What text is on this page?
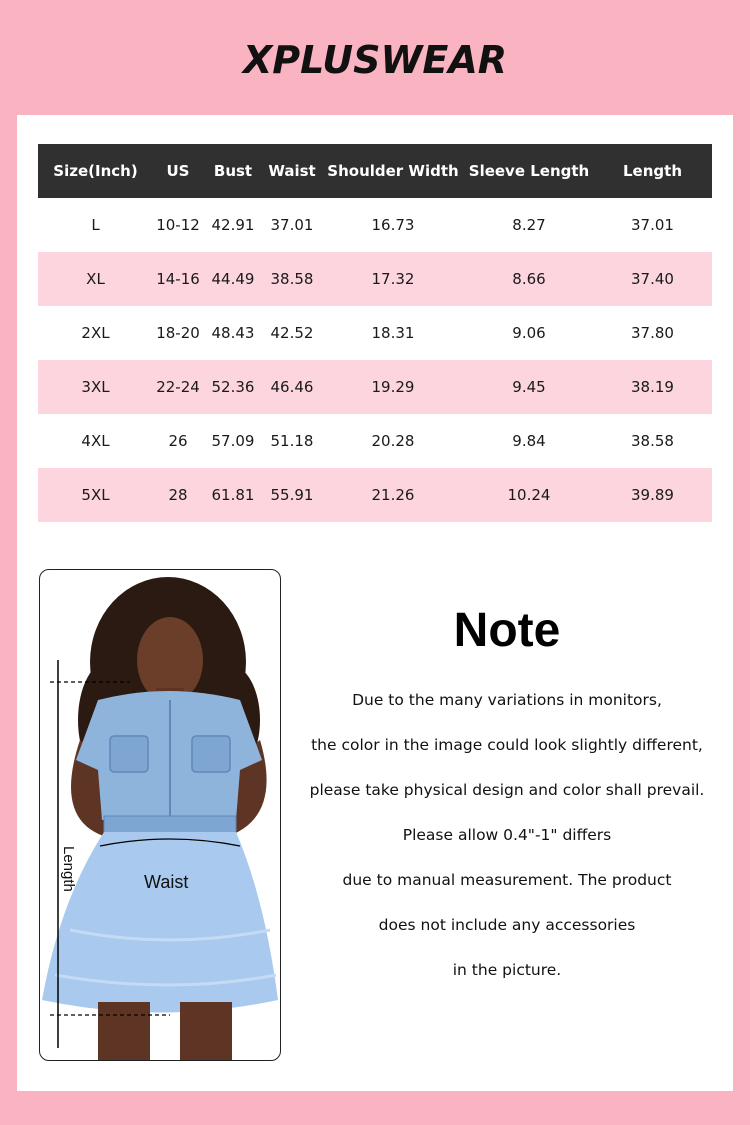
XPLUSWEAR
Size(Inch)	US	Bust	Waist	Shoulder Width	Sleeve Length	Length
L	10-12	42.91	37.01	16.73	8.27	37.01
XL	14-16	44.49	38.58	17.32	8.66	37.40
2XL	18-20	48.43	42.52	18.31	9.06	37.80
3XL	22-24	52.36	46.46	19.29	9.45	38.19
4XL	26	57.09	51.18	20.28	9.84	38.58
5XL	28	61.81	55.91	21.26	10.24	39.89
Length	Waist
Note
Due to the many variations in monitors,
the color in the image could look slightly different,
please take physical design and color shall prevail.
Please allow 0.4"-1" differs
due to manual measurement. The product
does not include any accessories
in the picture.
